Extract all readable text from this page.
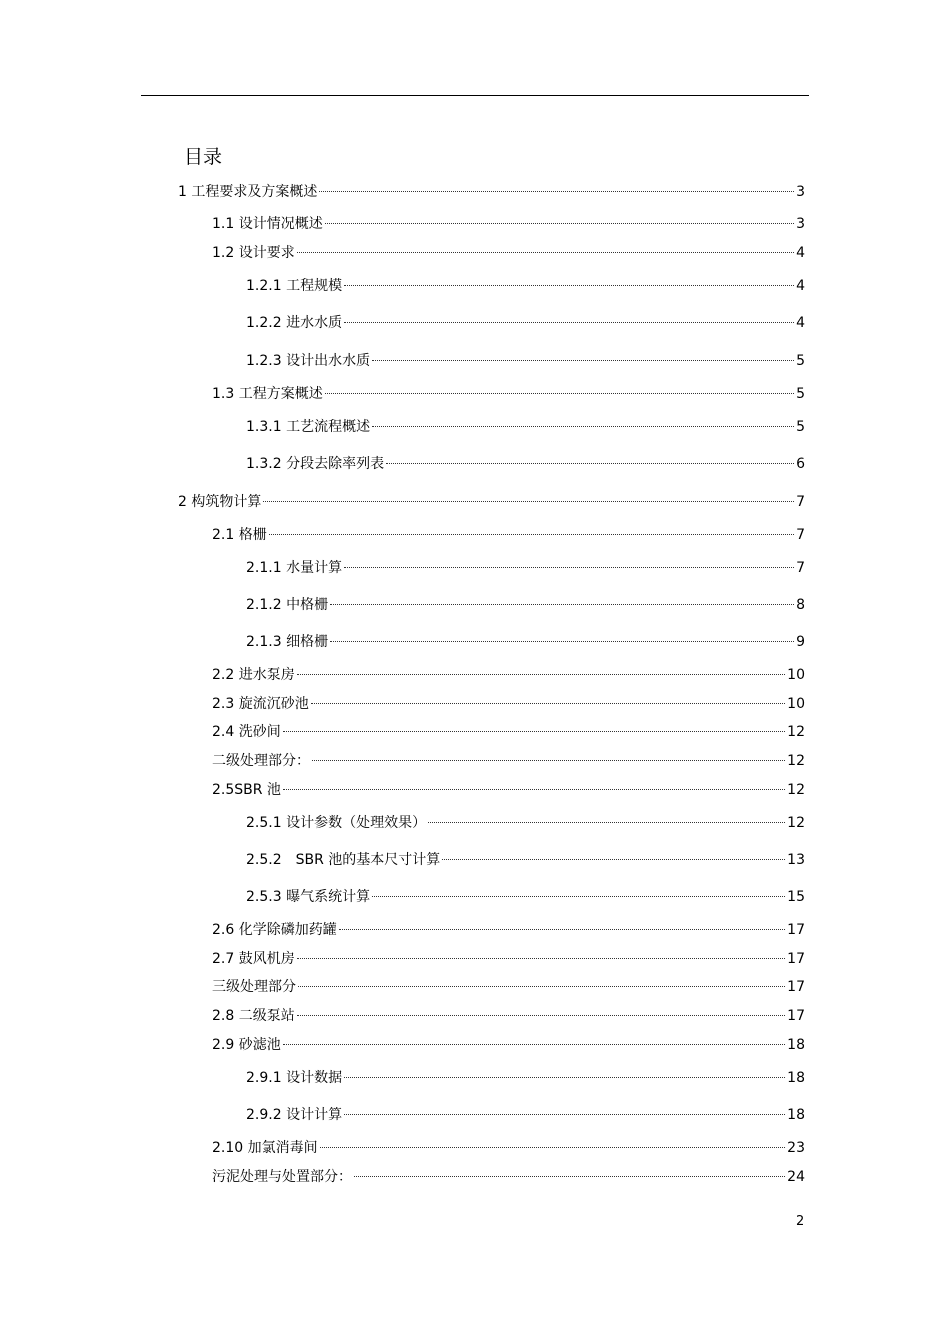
目录
1 工程要求及方案概述	3
1.1 设计情况概述	3
1.2 设计要求	4
1.2.1 工程规模	4
1.2.2 进水水质	4
1.2.3 设计出水水质	5
1.3 工程方案概述	5
1.3.1 工艺流程概述	5
1.3.2 分段去除率列表	6
2 构筑物计算	7
2.1 格栅	7
2.1.1 水量计算	7
2.1.2 中格栅	8
2.1.3 细格栅	9
2.2 进水泵房	10
2.3 旋流沉砂池	10
2.4 洗砂间	12
二级处理部分：	12
2.5SBR 池	12
2.5.1 设计参数（处理效果）	12
2.5.2　SBR 池的基本尺寸计算	13
2.5.3 曝气系统计算	15
2.6 化学除磷加药罐	17
2.7 鼓风机房	17
三级处理部分	17
2.8 二级泵站	17
2.9 砂滤池	18
2.9.1 设计数据	18
2.9.2 设计计算	18
2.10 加氯消毒间	23
污泥处理与处置部分：	24
2
